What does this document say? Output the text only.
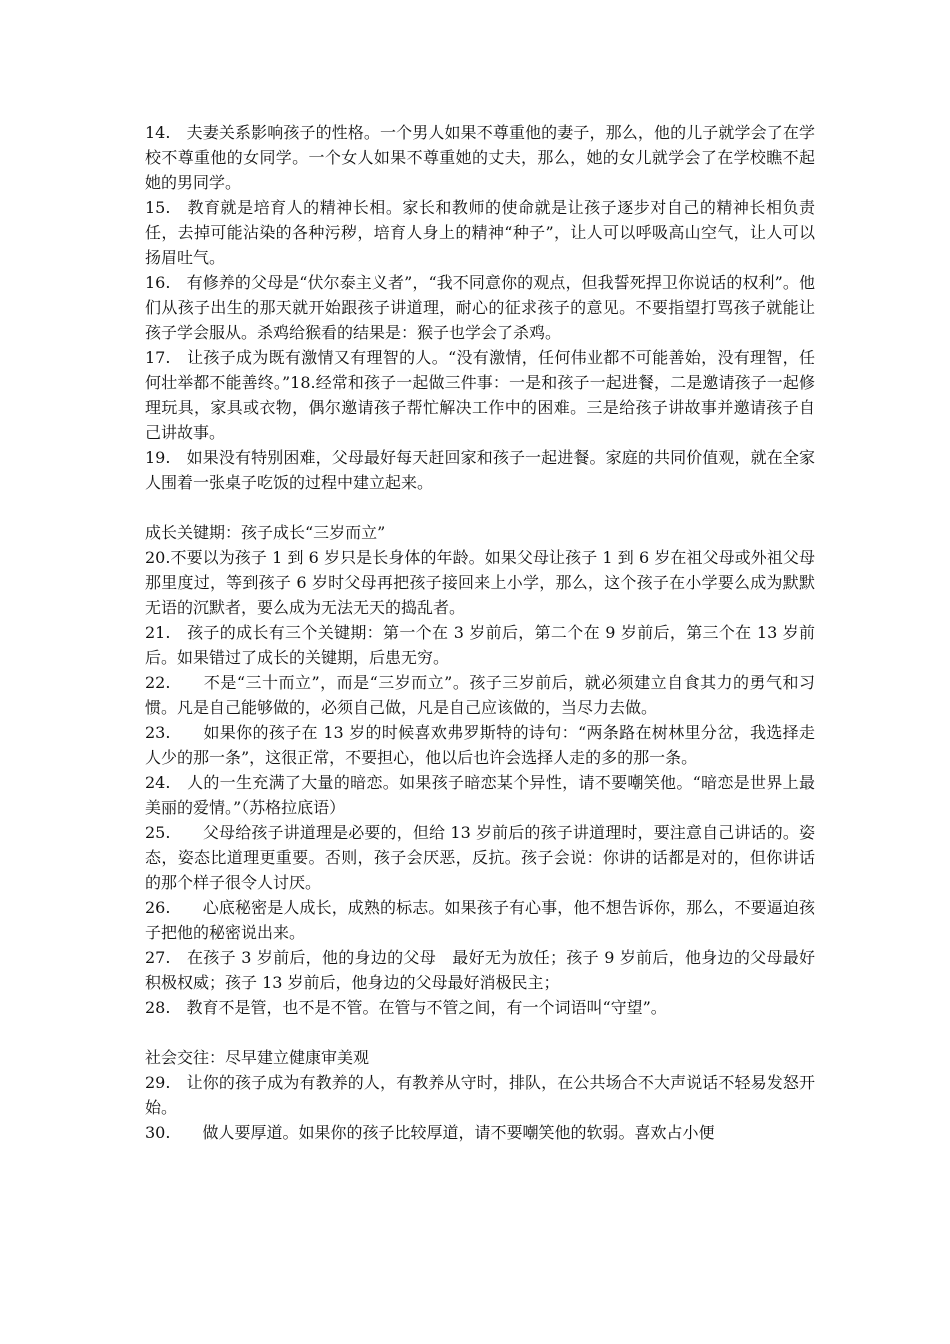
14.　夫妻关系影响孩子的性格。一个男人如果不尊重他的妻子，那么，他的儿子就学会了在学校不尊重他的女同学。一个女人如果不尊重她的丈夫，那么，她的女儿就学会了在学校瞧不起她的男同学。

15.　教育就是培育人的精神长相。家长和教师的使命就是让孩子逐步对自己的精神长相负责任，去掉可能沾染的各种污秽，培育人身上的精神“种子”，让人可以呼吸高山空气，让人可以扬眉吐气。

16.　有修养的父母是“伏尔泰主义者”，“我不同意你的观点，但我誓死捍卫你说话的权利”。他们从孩子出生的那天就开始跟孩子讲道理，耐心的征求孩子的意见。不要指望打骂孩子就能让孩子学会服从。杀鸡给猴看的结果是：猴子也学会了杀鸡。

17.　让孩子成为既有激情又有理智的人。“没有激情，任何伟业都不可能善始，没有理智，任何壮举都不能善终。”18.经常和孩子一起做三件事：一是和孩子一起进餐，二是邀请孩子一起修理玩具，家具或衣物，偶尔邀请孩子帮忙解决工作中的困难。三是给孩子讲故事并邀请孩子自己讲故事。

19.　如果没有特别困难，父母最好每天赶回家和孩子一起进餐。家庭的共同价值观，就在全家人围着一张桌子吃饭的过程中建立起来。

成长关键期：孩子成长“三岁而立”

20.不要以为孩子 1 到 6 岁只是长身体的年龄。如果父母让孩子 1 到 6 岁在祖父母或外祖父母那里度过，等到孩子 6 岁时父母再把孩子接回来上小学，那么，这个孩子在小学要么成为默默无语的沉默者，要么成为无法无天的捣乱者。

21.　孩子的成长有三个关键期：第一个在 3 岁前后，第二个在 9 岁前后，第三个在 13 岁前后。如果错过了成长的关键期，后患无穷。

22.　　不是“三十而立”，而是“三岁而立”。孩子三岁前后，就必须建立自食其力的勇气和习惯。凡是自己能够做的，必须自己做，凡是自己应该做的，当尽力去做。

23.　　如果你的孩子在 13 岁的时候喜欢弗罗斯特的诗句：“两条路在树林里分岔，我选择走人少的那一条”，这很正常，不要担心，他以后也许会选择人走的多的那一条。

24.　人的一生充满了大量的暗恋。如果孩子暗恋某个异性，请不要嘲笑他。“暗恋是世界上最美丽的爱情。”（苏格拉底语）

25.　　父母给孩子讲道理是必要的，但给 13 岁前后的孩子讲道理时，要注意自己讲话的。姿态，姿态比道理更重要。否则，孩子会厌恶，反抗。孩子会说：你讲的话都是对的，但你讲话的那个样子很令人讨厌。

26.　　心底秘密是人成长，成熟的标志。如果孩子有心事，他不想告诉你，那么，不要逼迫孩子把他的秘密说出来。

27.　在孩子 3 岁前后，他的身边的父母　最好无为放任；孩子 9 岁前后，他身边的父母最好积极权威；孩子 13 岁前后，他身边的父母最好消极民主；

28.　教育不是管，也不是不管。在管与不管之间，有一个词语叫“守望”。

社会交往：尽早建立健康审美观

29.　让你的孩子成为有教养的人，有教养从守时，排队，在公共场合不大声说话不轻易发怒开始。

30.　　做人要厚道。如果你的孩子比较厚道，请不要嘲笑他的软弱。喜欢占小便
